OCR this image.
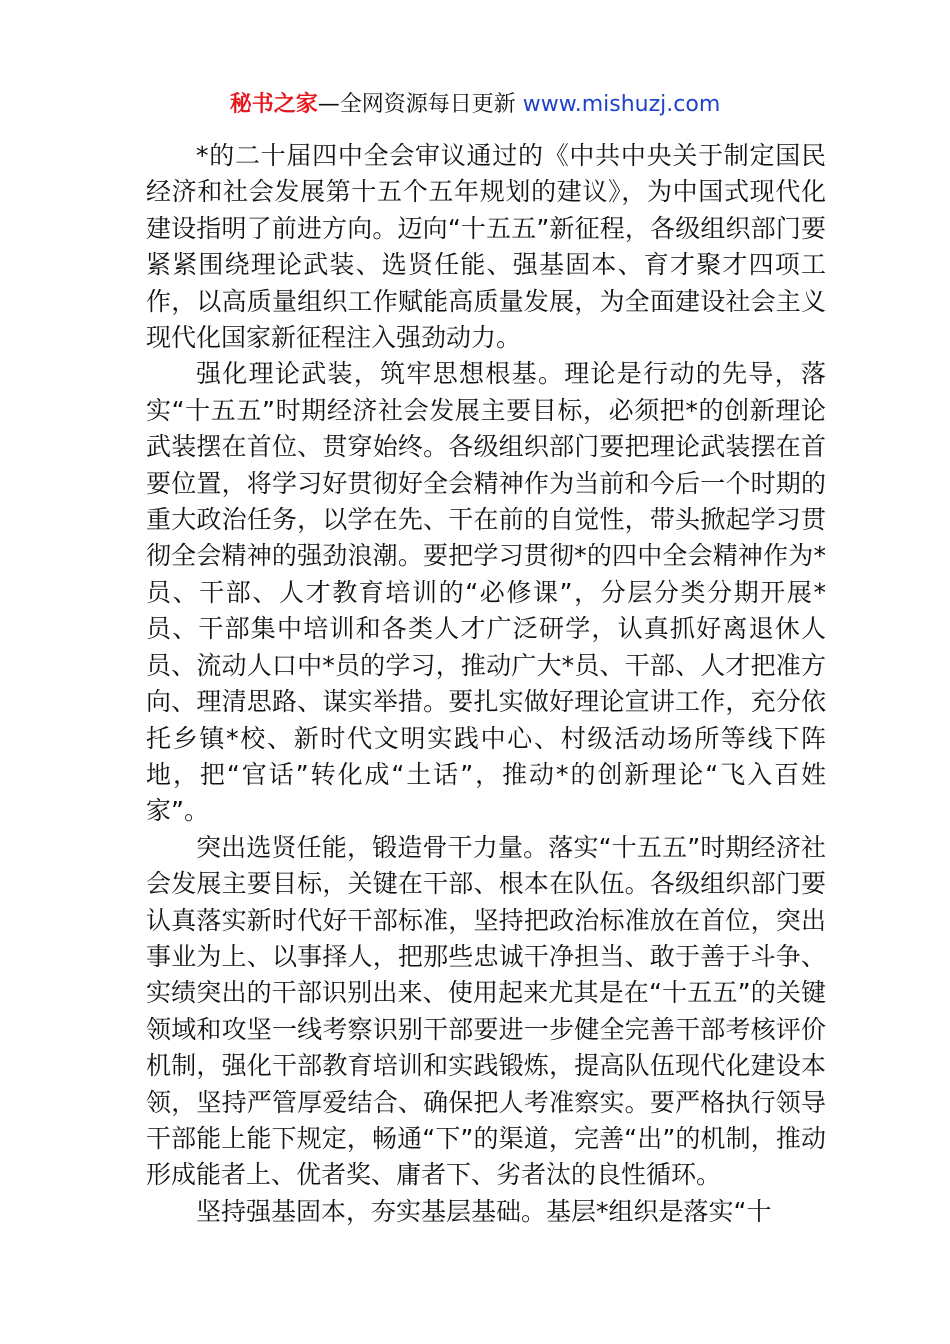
秘书之家—全网资源每日更新 www.mishuzj.com

*的二十届四中全会审议通过的《中共中央关于制定国民经济和社会发展第十五个五年规划的建议》，为中国式现代化建设指明了前进方向。迈向“十五五”新征程，各级组织部门要紧紧围绕理论武装、选贤任能、强基固本、育才聚才四项工作，以高质量组织工作赋能高质量发展，为全面建设社会主义现代化国家新征程注入强劲动力。

强化理论武装，筑牢思想根基。理论是行动的先导，落实“十五五”时期经济社会发展主要目标，必须把*的创新理论武装摆在首位、贯穿始终。各级组织部门要把理论武装摆在首要位置，将学习好贯彻好全会精神作为当前和今后一个时期的重大政治任务，以学在先、干在前的自觉性，带头掀起学习贯彻全会精神的强劲浪潮。要把学习贯彻*的四中全会精神作为*员、干部、人才教育培训的“必修课”，分层分类分期开展*员、干部集中培训和各类人才广泛研学，认真抓好离退休人员、流动人口中*员的学习，推动广大*员、干部、人才把准方向、理清思路、谋实举措。要扎实做好理论宣讲工作，充分依托乡镇*校、新时代文明实践中心、村级活动场所等线下阵地，把“官话”转化成“土话”，推动*的创新理论“飞入百姓家”。

突出选贤任能，锻造骨干力量。落实“十五五”时期经济社会发展主要目标，关键在干部、根本在队伍。各级组织部门要认真落实新时代好干部标准，坚持把政治标准放在首位，突出事业为上、以事择人，把那些忠诚干净担当、敢于善于斗争、实绩突出的干部识别出来、使用起来尤其是在“十五五”的关键领域和攻坚一线考察识别干部要进一步健全完善干部考核评价机制，强化干部教育培训和实践锻炼，提高队伍现代化建设本领，坚持严管厚爱结合、确保把人考准察实。要严格执行领导干部能上能下规定，畅通“下”的渠道，完善“出”的机制，推动形成能者上、优者奖、庸者下、劣者汰的良性循环。

坚持强基固本，夯实基层基础。基层*组织是落实“十
